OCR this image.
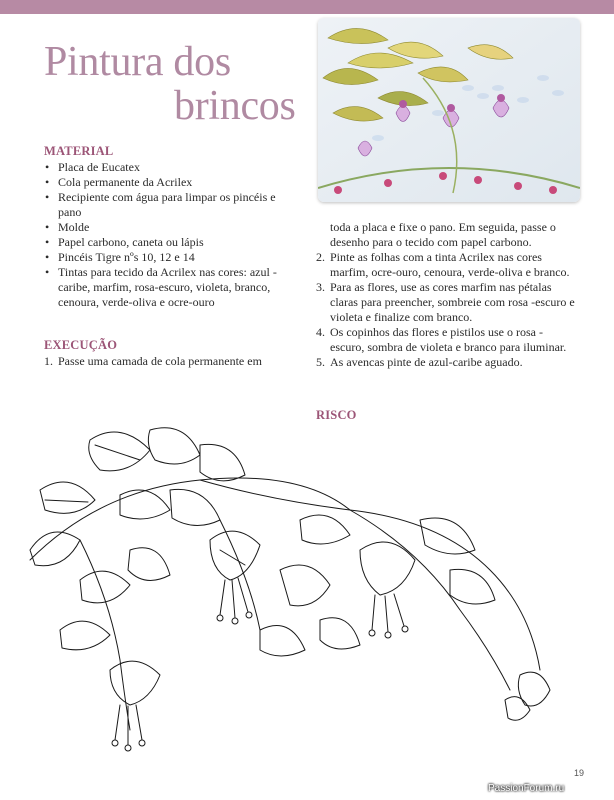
Pintura dos
brincos
MATERIAL
• Placa de Eucatex
• Cola permanente da Acrilex
• Recipiente com água para limpar os pincéis e pano
• Molde
• Papel carbono, caneta ou lápis
• Pincéis Tigre nºs 10, 12 e 14
• Tintas para tecido da Acrilex nas cores: azul -caribe, marfim, rosa-escuro, violeta, branco, cenoura, verde-oliva e ocre-ouro
EXECUÇÃO
1. Passe uma camada de cola permanente em
toda a placa e fixe o pano. Em seguida, passe o desenho para o tecido com papel carbono.
2. Pinte as folhas com a tinta Acrilex nas cores marfim, ocre-ouro, cenoura, verde-oliva e branco.
3. Para as flores, use as cores marfim nas pétalas claras para preencher, sombreie com rosa -escuro e violeta e finalize com branco.
4. Os copinhos das flores e pistilos use o rosa -escuro, sombra de violeta e branco para iluminar.
5. As avencas pinte de azul-caribe aguado.
RISCO
19
PassionForum.ru
